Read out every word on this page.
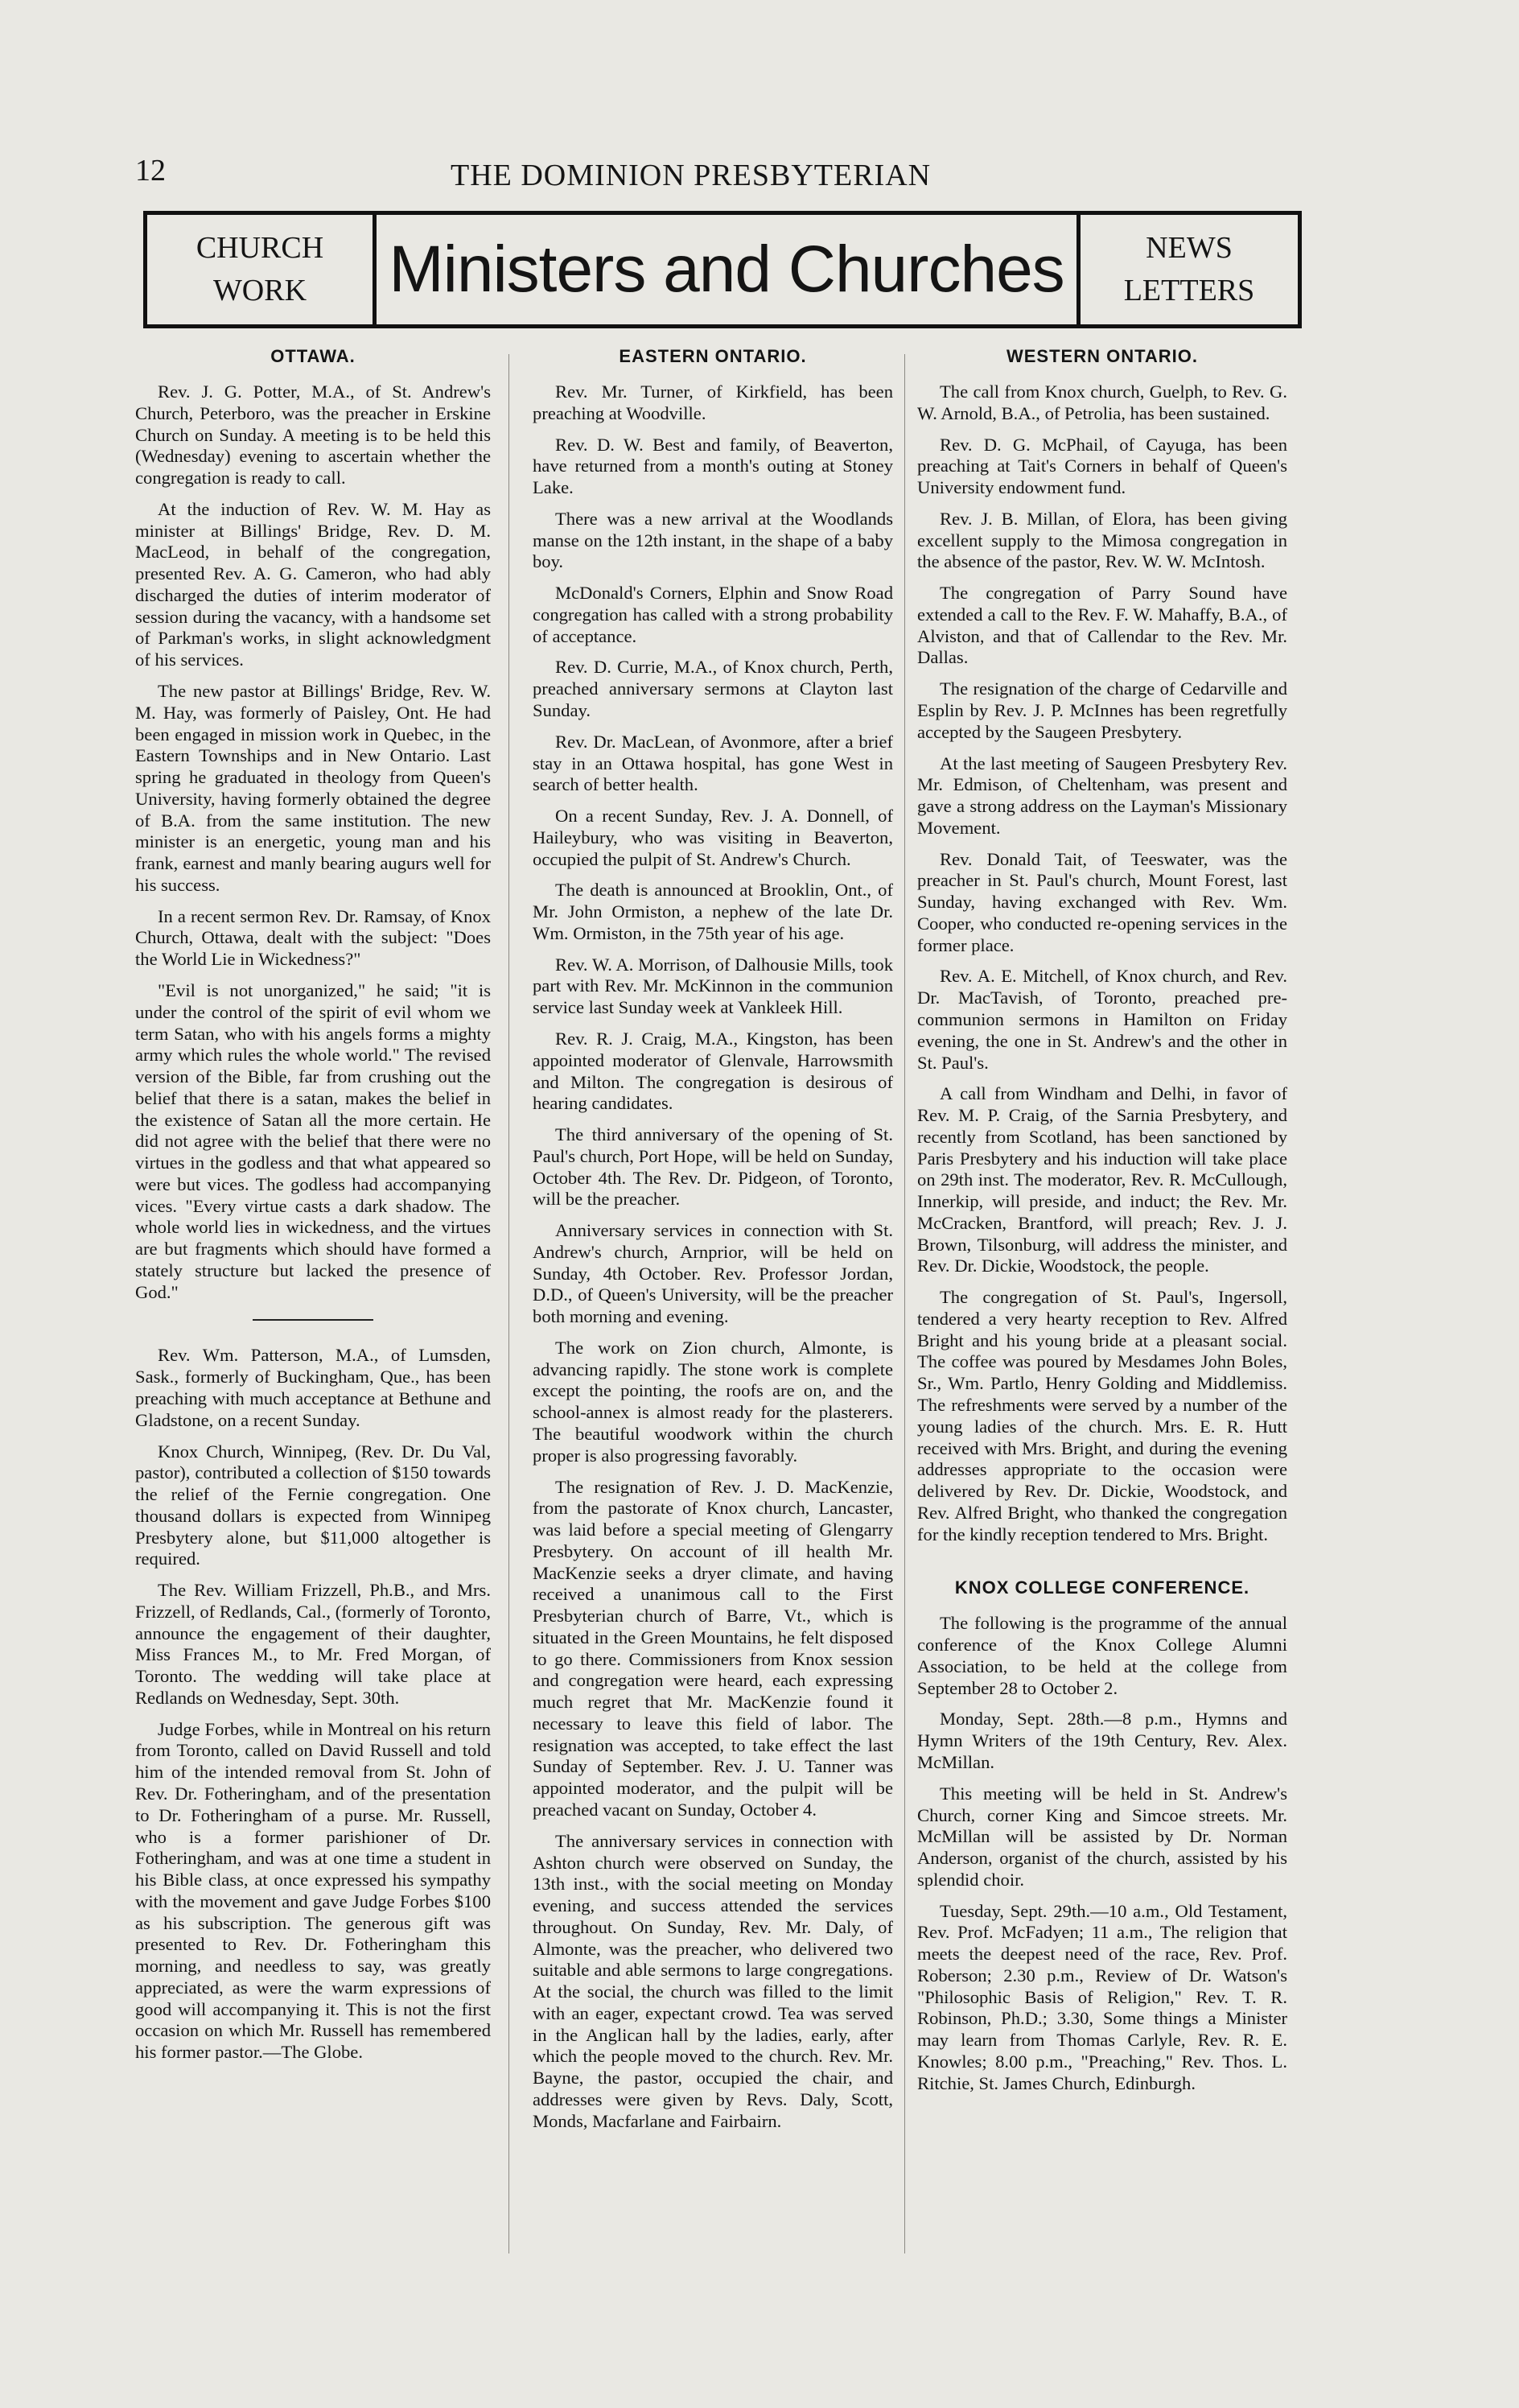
12	THE DOMINION PRESBYTERIAN
CHURCH
WORK Ministers and Churches	NEWS
LETTERS
OTTAWA.

Rev. J. G. Potter, M.A., of St. Andrew's Church, Peterboro, was the preacher in Erskine Church on Sunday. A meeting is to be held this (Wednesday) evening to ascertain whether the congregation is ready to call.

At the induction of Rev. W. M. Hay as minister at Billings' Bridge, Rev. D. M. MacLeod, in behalf of the congregation, presented Rev. A. G. Cameron, who had ably discharged the duties of interim moderator of session during the vacancy, with a handsome set of Parkman's works, in slight acknowledgment of his services.

The new pastor at Billings' Bridge, Rev. W. M. Hay, was formerly of Paisley, Ont. He had been engaged in mission work in Quebec, in the Eastern Townships and in New Ontario. Last spring he graduated in theology from Queen's University, having formerly obtained the degree of B.A. from the same institution. The new minister is an energetic, young man and his frank, earnest and manly bearing augurs well for his success.

In a recent sermon Rev. Dr. Ramsay, of Knox Church, Ottawa, dealt with the subject: "Does the World Lie in Wickedness?"

"Evil is not unorganized," he said; "it is under the control of the spirit of evil whom we term Satan, who with his angels forms a mighty army which rules the whole world." The revised version of the Bible, far from crushing out the belief that there is a satan, makes the belief in the existence of Satan all the more certain. He did not agree with the belief that there were no virtues in the godless and that what appeared so were but vices. The godless had accompanying vices. "Every virtue casts a dark shadow. The whole world lies in wickedness, and the virtues are but fragments which should have formed a stately structure but lacked the presence of God."

Rev. Wm. Patterson, M.A., of Lumsden, Sask., formerly of Buckingham, Que., has been preaching with much acceptance at Bethune and Gladstone, on a recent Sunday.

Knox Church, Winnipeg, (Rev. Dr. Du Val, pastor), contributed a collection of $150 towards the relief of the Fernie congregation. One thousand dollars is expected from Winnipeg Presbytery alone, but $11,000 altogether is required.

The Rev. William Frizzell, Ph.B., and Mrs. Frizzell, of Redlands, Cal., (formerly of Toronto, announce the engagement of their daughter, Miss Frances M., to Mr. Fred Morgan, of Toronto. The wedding will take place at Redlands on Wednesday, Sept. 30th.

Judge Forbes, while in Montreal on his return from Toronto, called on David Russell and told him of the intended removal from St. John of Rev. Dr. Fotheringham, and of the presentation to Dr. Fotheringham of a purse. Mr. Russell, who is a former parishioner of Dr. Fotheringham, and was at one time a student in his Bible class, at once expressed his sympathy with the movement and gave Judge Forbes $100 as his subscription. The generous gift was presented to Rev. Dr. Fotheringham this morning, and needless to say, was greatly appreciated, as were the warm expressions of good will accompanying it. This is not the first occasion on which Mr. Russell has remembered his former pastor.—The Globe.

EASTERN ONTARIO.

Rev. Mr. Turner, of Kirkfield, has been preaching at Woodville.

Rev. D. W. Best and family, of Beaverton, have returned from a month's outing at Stoney Lake.

There was a new arrival at the Woodlands manse on the 12th instant, in the shape of a baby boy.

McDonald's Corners, Elphin and Snow Road congregation has called with a strong probability of acceptance.

Rev. D. Currie, M.A., of Knox church, Perth, preached anniversary sermons at Clayton last Sunday.

Rev. Dr. MacLean, of Avonmore, after a brief stay in an Ottawa hospital, has gone West in search of better health.

On a recent Sunday, Rev. J. A. Donnell, of Haileybury, who was visiting in Beaverton, occupied the pulpit of St. Andrew's Church.

The death is announced at Brooklin, Ont., of Mr. John Ormiston, a nephew of the late Dr. Wm. Ormiston, in the 75th year of his age.

Rev. W. A. Morrison, of Dalhousie Mills, took part with Rev. Mr. McKinnon in the communion service last Sunday week at Vankleek Hill.

Rev. R. J. Craig, M.A., Kingston, has been appointed moderator of Glenvale, Harrowsmith and Milton. The congregation is desirous of hearing candidates.

The third anniversary of the opening of St. Paul's church, Port Hope, will be held on Sunday, October 4th. The Rev. Dr. Pidgeon, of Toronto, will be the preacher.

Anniversary services in connection with St. Andrew's church, Arnprior, will be held on Sunday, 4th October. Rev. Professor Jordan, D.D., of Queen's University, will be the preacher both morning and evening.

The work on Zion church, Almonte, is advancing rapidly. The stone work is complete except the pointing, the roofs are on, and the school-annex is almost ready for the plasterers. The beautiful woodwork within the church proper is also progressing favorably.

The resignation of Rev. J. D. MacKenzie, from the pastorate of Knox church, Lancaster, was laid before a special meeting of Glengarry Presbytery. On account of ill health Mr. MacKenzie seeks a dryer climate, and having received a unanimous call to the First Presbyterian church of Barre, Vt., which is situated in the Green Mountains, he felt disposed to go there. Commissioners from Knox session and congregation were heard, each expressing much regret that Mr. MacKenzie found it necessary to leave this field of labor. The resignation was accepted, to take effect the last Sunday of September. Rev. J. U. Tanner was appointed moderator, and the pulpit will be preached vacant on Sunday, October 4.

The anniversary services in connection with Ashton church were observed on Sunday, the 13th inst., with the social meeting on Monday evening, and success attended the services throughout. On Sunday, Rev. Mr. Daly, of Almonte, was the preacher, who delivered two suitable and able sermons to large congregations. At the social, the church was filled to the limit with an eager, expectant crowd. Tea was served in the Anglican hall by the ladies, early, after which the people moved to the church. Rev. Mr. Bayne, the pastor, occupied the chair, and addresses were given by Revs. Daly, Scott, Monds, Macfarlane and Fairbairn.

WESTERN ONTARIO.

The call from Knox church, Guelph, to Rev. G. W. Arnold, B.A., of Petrolia, has been sustained.

Rev. D. G. McPhail, of Cayuga, has been preaching at Tait's Corners in behalf of Queen's University endowment fund.

Rev. J. B. Millan, of Elora, has been giving excellent supply to the Mimosa congregation in the absence of the pastor, Rev. W. W. McIntosh.

The congregation of Parry Sound have extended a call to the Rev. F. W. Mahaffy, B.A., of Alviston, and that of Callendar to the Rev. Mr. Dallas.

The resignation of the charge of Cedarville and Esplin by Rev. J. P. McInnes has been regretfully accepted by the Saugeen Presbytery.

At the last meeting of Saugeen Presbytery Rev. Mr. Edmison, of Cheltenham, was present and gave a strong address on the Layman's Missionary Movement.

Rev. Donald Tait, of Teeswater, was the preacher in St. Paul's church, Mount Forest, last Sunday, having exchanged with Rev. Wm. Cooper, who conducted re-opening services in the former place.

Rev. A. E. Mitchell, of Knox church, and Rev. Dr. MacTavish, of Toronto, preached pre-communion sermons in Hamilton on Friday evening, the one in St. Andrew's and the other in St. Paul's.

A call from Windham and Delhi, in favor of Rev. M. P. Craig, of the Sarnia Presbytery, and recently from Scotland, has been sanctioned by Paris Presbytery and his induction will take place on 29th inst. The moderator, Rev. R. McCullough, Innerkip, will preside, and induct; the Rev. Mr. McCracken, Brantford, will preach; Rev. J. J. Brown, Tilsonburg, will address the minister, and Rev. Dr. Dickie, Woodstock, the people.

The congregation of St. Paul's, Ingersoll, tendered a very hearty reception to Rev. Alfred Bright and his young bride at a pleasant social. The coffee was poured by Mesdames John Boles, Sr., Wm. Partlo, Henry Golding and Middlemiss. The refreshments were served by a number of the young ladies of the church. Mrs. E. R. Hutt received with Mrs. Bright, and during the evening addresses appropriate to the occasion were delivered by Rev. Dr. Dickie, Woodstock, and Rev. Alfred Bright, who thanked the congregation for the kindly reception tendered to Mrs. Bright.

KNOX COLLEGE CONFERENCE.

The following is the programme of the annual conference of the Knox College Alumni Association, to be held at the college from September 28 to October 2.

Monday, Sept. 28th.—8 p.m., Hymns and Hymn Writers of the 19th Century, Rev. Alex. McMillan.

This meeting will be held in St. Andrew's Church, corner King and Simcoe streets. Mr. McMillan will be assisted by Dr. Norman Anderson, organist of the church, assisted by his splendid choir.

Tuesday, Sept. 29th.—10 a.m., Old Testament, Rev. Prof. McFadyen; 11 a.m., The religion that meets the deepest need of the race, Rev. Prof. Roberson; 2.30 p.m., Review of Dr. Watson's "Philosophic Basis of Religion," Rev. T. R. Robinson, Ph.D.; 3.30, Some things a Minister may learn from Thomas Carlyle, Rev. R. E. Knowles; 8.00 p.m., "Preaching," Rev. Thos. L. Ritchie, St. James Church, Edinburgh.
